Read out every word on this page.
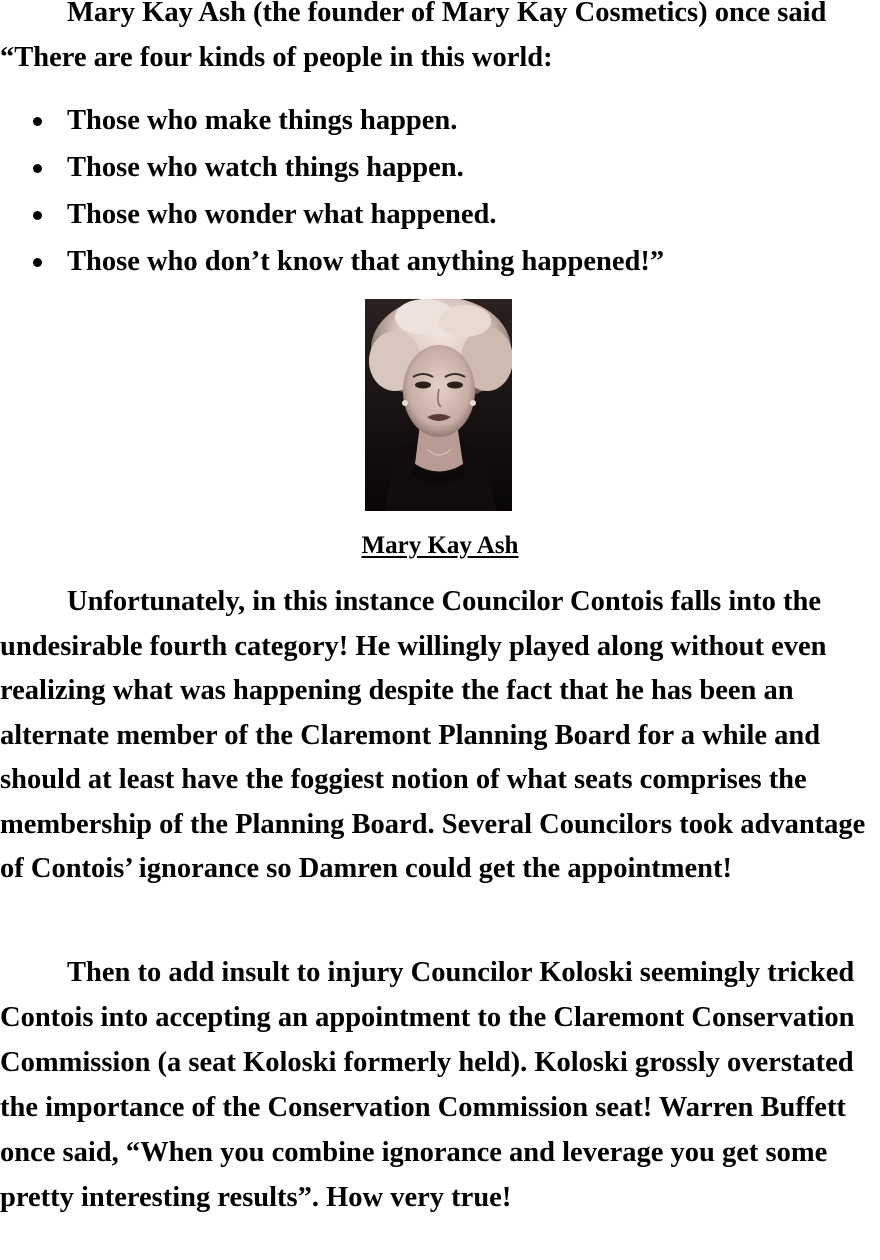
Mary Kay Ash (the founder of Mary Kay Cosmetics) once said “There are four kinds of people in this world:

Those who make things happen.
Those who watch things happen.
Those who wonder what happened.
Those who don’t know that anything happened!”
Mary Kay Ash

Unfortunately, in this instance Councilor Contois falls into the undesirable fourth category! He willingly played along without even realizing what was happening despite the fact that he has been an alternate member of the Claremont Planning Board for a while and should at least have the foggiest notion of what seats comprises the membership of the Planning Board. Several Councilors took advantage of Contois’ ignorance so Damren could get the appointment!

Then to add insult to injury Councilor Koloski seemingly tricked Contois into accepting an appointment to the Claremont Conservation Commission (a seat Koloski formerly held). Koloski grossly overstated the importance of the Conservation Commission seat! Warren Buffett once said, “When you combine ignorance and leverage you get some pretty interesting results”. How very true!
